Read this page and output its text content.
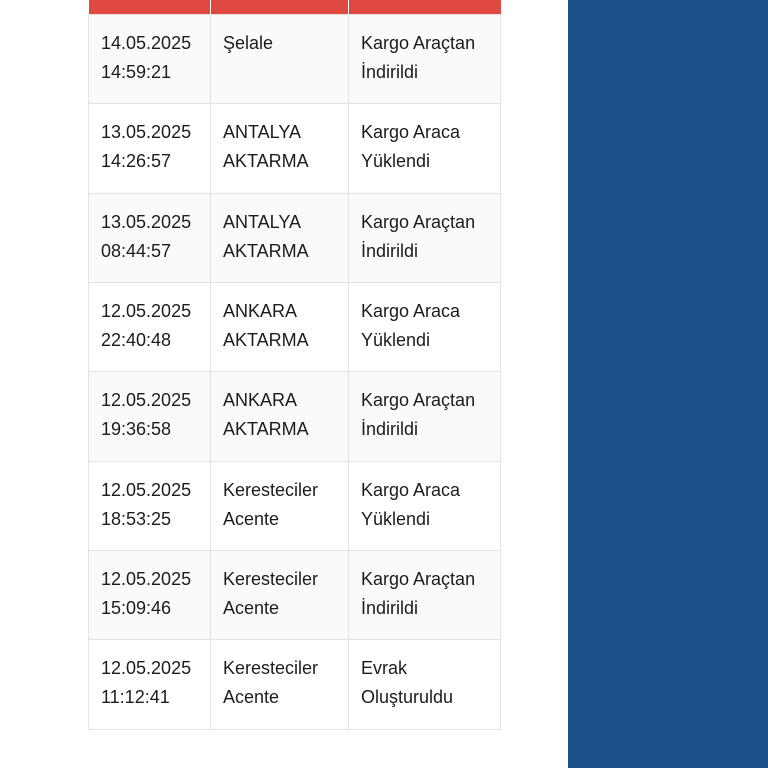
14.05.2025
14:59:21	Şelale	Kargo Araçtan İndirildi

13.05.2025
14:26:57	ANTALYA AKTARMA	Kargo Araca Yüklendi

13.05.2025
08:44:57	ANTALYA AKTARMA	Kargo Araçtan İndirildi

12.05.2025
22:40:48	ANKARA AKTARMA	Kargo Araca Yüklendi

12.05.2025
19:36:58	ANKARA AKTARMA	Kargo Araçtan İndirildi

12.05.2025
18:53:25	Keresteciler Acente	Kargo Araca Yüklendi

12.05.2025
15:09:46	Keresteciler Acente	Kargo Araçtan İndirildi

12.05.2025
11:12:41	Keresteciler Acente	Evrak Oluşturuldu
